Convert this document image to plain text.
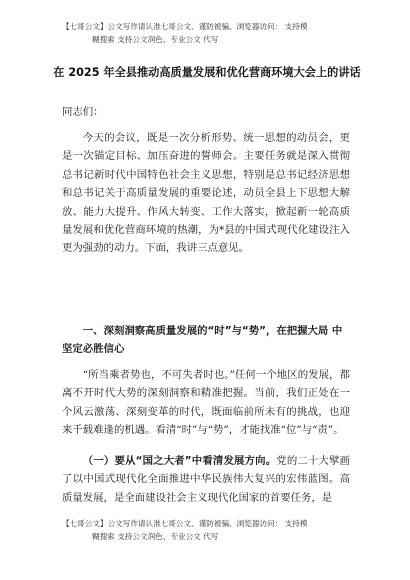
【七哥公文】公文写作请认准七哥公文、谨防被骗、浏览器访问： 支持模
糊搜索 支持公文润色、专业公文 代写
在 2025 年全县推动高质量发展和优化营商环境大会上的讲话
同志们：

今天的会议，既是一次分析形势、统一思想的动员会，更是一次锚定目标、加压奋进的誓师会。主要任务就是深入贯彻总书记新时代中国特色社会主义思想，特别是总书记经济思想和总书记关于高质量发展的重要论述，动员全县上下思想大解放、能力大提升、作风大转变、工作大落实，掀起新一轮高质量发展和优化营商环境的热潮，为*县的中国式现代化建设注入更为强劲的动力。下面，我讲三点意见。

一、深刻洞察高质量发展的“时”与“势”，在把握大局 中坚定必胜信心

“所当乘者势也，不可失者时也。”任何一个地区的发展，都离不开时代大势的深刻洞察和精准把握。当前，我们正处在一个风云激荡、深刻变革的时代，既面临前所未有的挑战，也迎来千载难逢的机遇。看清“时”与“势”，才能找准“位”与“责”。

（一）要从“国之大者”中看清发展方向。党的二十大擘画了以中国式现代化全面推进中华民族伟大复兴的宏伟蓝图。高质量发展，是全面建设社会主义现代化国家的首要任务，是

【七哥公文】公文写作请认准七哥公文、谨防被骗、浏览器访问： 支持模
糊搜索 支持公文润色、专业公文 代写
